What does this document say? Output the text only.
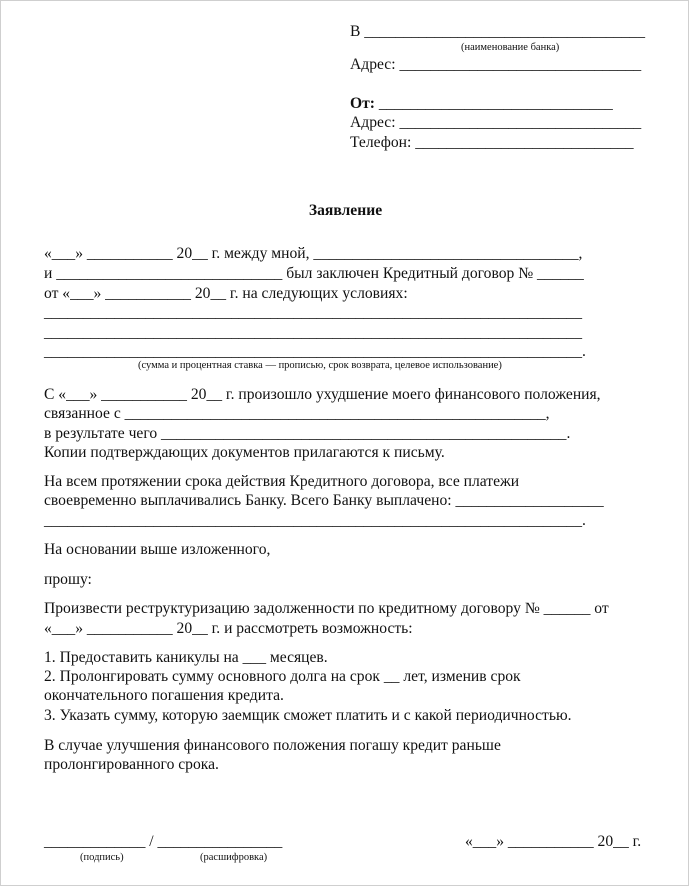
В ____________________________________
(наименование банка)
Адрес: _______________________________
От: ______________________________
Адрес: _______________________________
Телефон: ____________________________
Заявление
«___» ___________ 20__ г. между мной, __________________________________,
и _____________________________ был заключен Кредитный договор № ______
от «___» ___________ 20__ г. на следующих условиях:
_____________________________________________________________________
_____________________________________________________________________
_____________________________________________________________________.
(сумма и процентная ставка — прописью, срок возврата, целевое использование)
С «___» ___________ 20__ г. произошло ухудшение моего финансового положения,
связанное с ______________________________________________________,
в результате чего ____________________________________________________.
Копии подтверждающих документов прилагаются к письму.
На всем протяжении срока действия Кредитного договора, все платежи
своевременно выплачивались Банку. Всего Банку выплачено: ___________________
_____________________________________________________________________.
На основании выше изложенного,
прошу:
Произвести реструктуризацию задолженности по кредитному договору № ______ от
«___» ___________ 20__ г. и рассмотреть возможность:
1. Предоставить каникулы на ___ месяцев.
2. Пролонгировать сумму основного долга на срок __ лет, изменив срок
окончательного погашения кредита.
3. Указать сумму, которую заемщик сможет платить и с какой периодичностью.
В случае улучшения финансового положения погашу кредит раньше
пролонгированного срока.
_____________ / ________________
(подпись)	(расшифровка)
«___» ___________ 20__ г.
